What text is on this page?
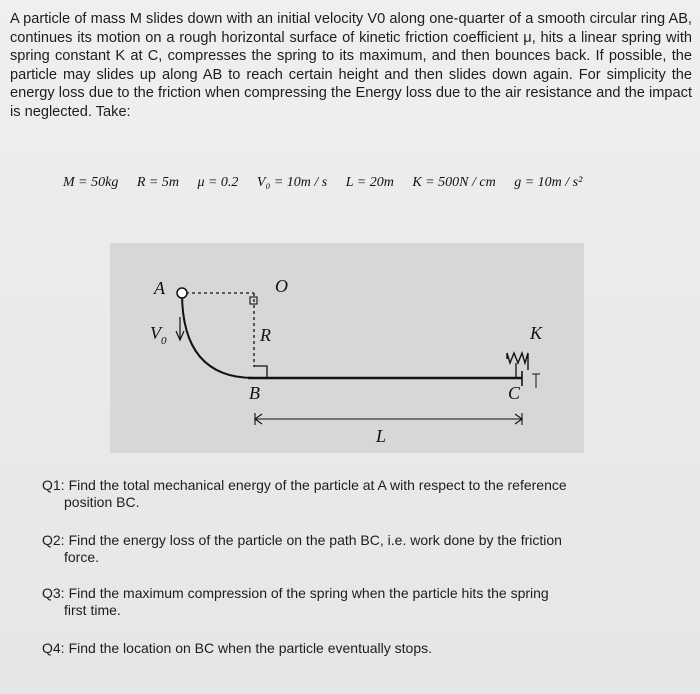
A particle of mass M slides down with an initial velocity V0 along one-quarter of a smooth circular ring AB, continues its motion on a rough horizontal surface of kinetic friction coefficient μ, hits a linear spring with spring constant K at C, compresses the spring to its maximum, and then bounces back. If possible, the particle may slides up along AB to reach certain height and then slides down again. For simplicity the energy loss due to the friction when compressing the Energy loss due to the air resistance and the impact is neglected. Take:
M = 50kg R = 5m μ = 0.2 V₀ = 10m / s L = 20m K = 500N / cm g = 10m / s²
A	O
$V_0$	R
B
K
C
L
Q1: Find the total mechanical energy of the particle at A with respect to the reference
position BC.
Q2: Find the energy loss of the particle on the path BC, i.e. work done by the friction
force.
Q3: Find the maximum compression of the spring when the particle hits the spring
first time.
Q4: Find the location on BC when the particle eventually stops.
